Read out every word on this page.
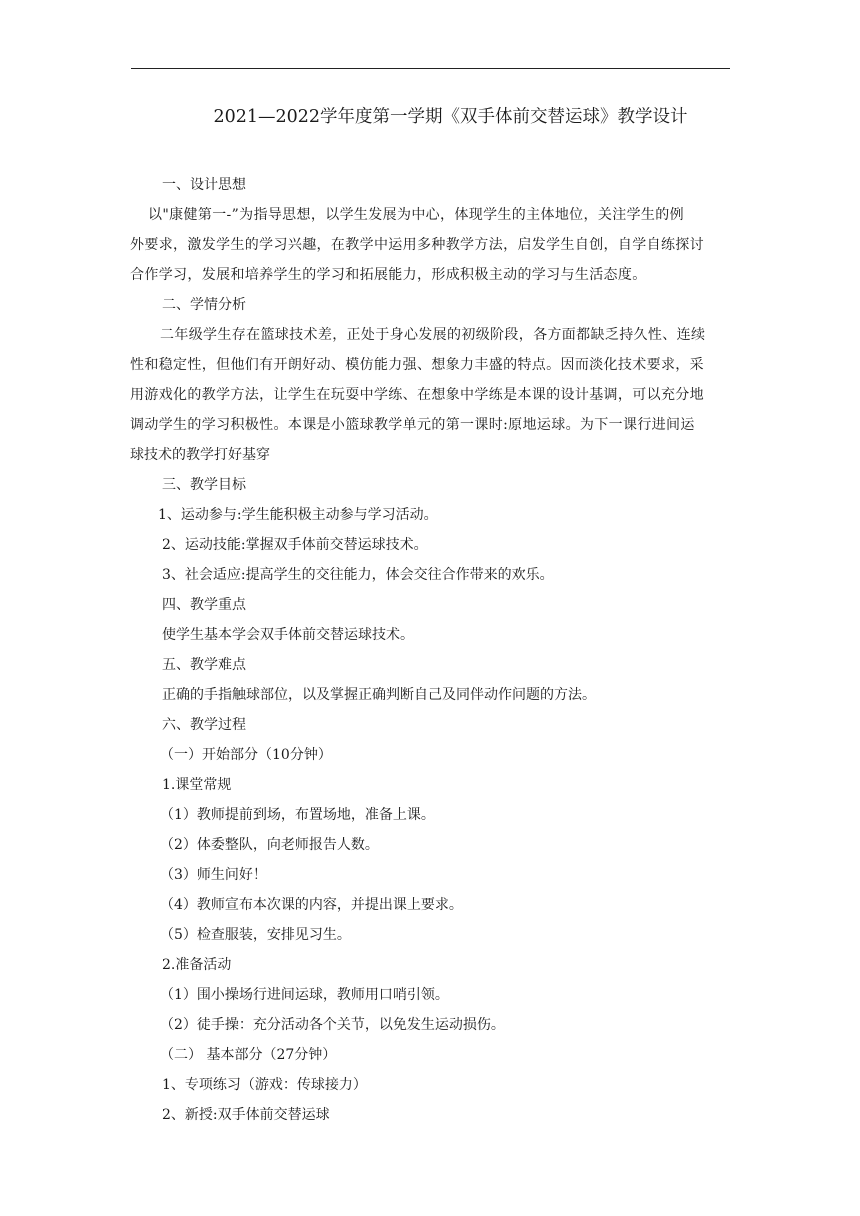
2021—2022学年度第一学期《双手体前交替运球》教学设计
一、设计思想
以"康健第一-”为指导思想，以学生发展为中心，体现学生的主体地位，关注学生的例
外要求，激发学生的学习兴趣，在教学中运用多种教学方法，启发学生自创，自学自练探讨
合作学习，发展和培养学生的学习和拓展能力，形成积极主动的学习与生活态度。
二、学情分析
二年级学生存在篮球技术差，正处于身心发展的初级阶段，各方面都缺乏持久性、连续
性和稳定性，但他们有开朗好动、模仿能力强、想象力丰盛的特点。因而淡化技术要求，采
用游戏化的教学方法，让学生在玩耍中学练、在想象中学练是本课的设计基调，可以充分地
调动学生的学习积极性。本课是小篮球教学单元的第一课时:原地运球。为下一课行进间运
球技术的教学打好基穿
三、教学目标
1、运动参与:学生能积极主动参与学习活动。
2、运动技能:掌握双手体前交替运球技术。
3、社会适应:提高学生的交往能力，体会交往合作带来的欢乐。
四、教学重点
使学生基本学会双手体前交替运球技术。
五、教学难点
正确的手指触球部位，以及掌握正确判断自己及同伴动作问题的方法。
六、教学过程
（一）开始部分（10分钟）
1.课堂常规
（1）教师提前到场，布置场地，准备上课。
（2）体委整队，向老师报告人数。
（3）师生问好！
（4）教师宣布本次课的内容，并提出课上要求。
（5）检查服装，安排见习生。
2.准备活动
（1）围小操场行进间运球，教师用口哨引领。
（2）徒手操：充分活动各个关节，以免发生运动损伤。
（二） 基本部分（27分钟）
1、专项练习（游戏：传球接力）
2、新授:双手体前交替运球
